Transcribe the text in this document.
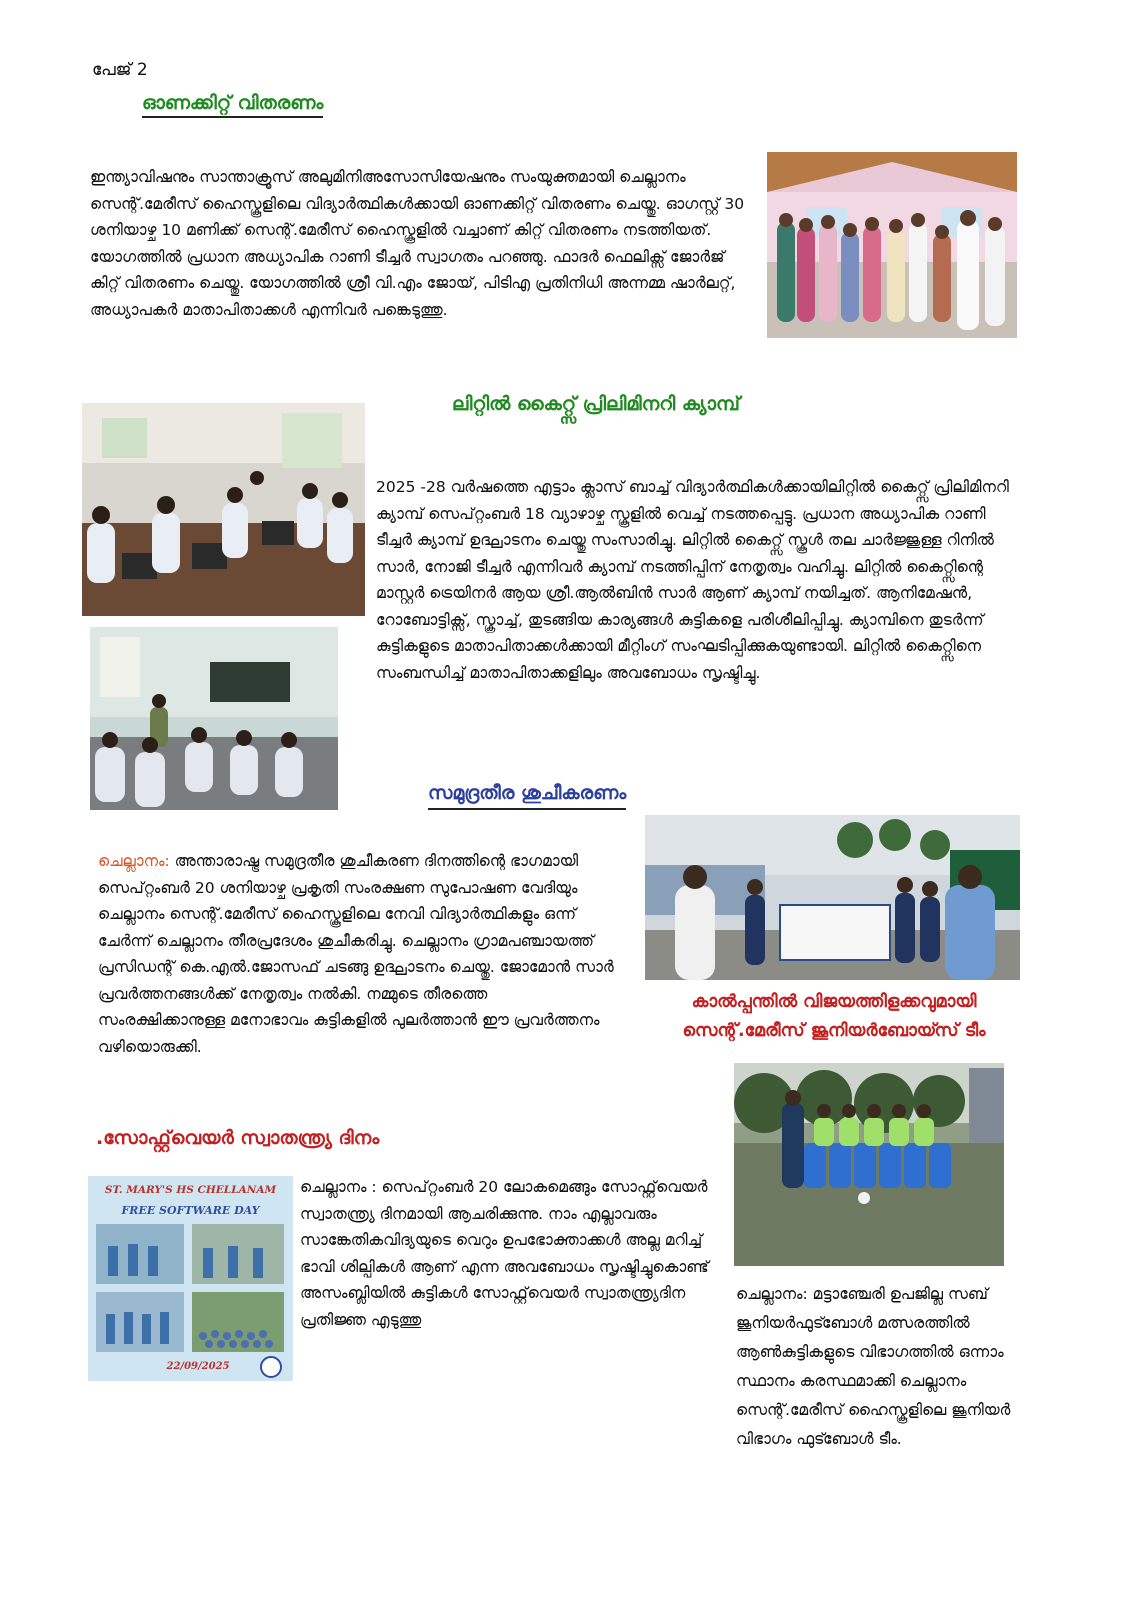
പേജ് 2
ഓണക്കിറ്റ് വിതരണം
ഇന്ത്യാവിഷനും സാന്താക്രൂസ് അലുമിനിഅസോസിയേഷനും സംയുക്തമായി ചെല്ലാനം സെന്റ്.മേരീസ് ഹൈസ്കൂളിലെ വിദ്യാർത്ഥികൾക്കായി ഓണക്കിറ്റ് വിതരണം ചെയ്തു. ഓഗസ്റ്റ് 30 ശനിയാഴ്ച 10 മണിക്ക് സെന്റ്.മേരീസ് ഹൈസ്കൂളിൽ വച്ചാണ് കിറ്റ് വിതരണം നടത്തിയത്. യോഗത്തിൽ പ്രധാന അധ്യാപിക റാണി ടീച്ചർ സ്വാഗതം പറഞ്ഞു. ഫാദർ ഫെലിക്സ് ജോർജ് കിറ്റ് വിതരണം ചെയ്തു. യോഗത്തിൽ ശ്രീ വി.എം ജോയ്, പിടിഎ പ്രതിനിധി അന്നമ്മ ഷാർലറ്റ്, അധ്യാപകർ മാതാപിതാക്കൾ എന്നിവർ പങ്കെടുത്തു.
ലിറ്റിൽ കൈറ്റ്സ് പ്രിലിമിനറി ക്യാമ്പ്
2025 -28 വർഷത്തെ എട്ടാം ക്ലാസ് ബാച്ച് വിദ്യാർത്ഥികൾക്കായിലിറ്റിൽ കൈറ്റ്സ് പ്രിലിമിനറി ക്യാമ്പ് സെപ്റ്റംബർ 18 വ്യാഴാഴ്ച സ്കൂളിൽ വെച്ച് നടത്തപ്പെട്ടു. പ്രധാന അധ്യാപിക റാണി ടീച്ചർ ക്യാമ്പ് ഉദ്ഘാടനം ചെയ്തു സംസാരിച്ചു. ലിറ്റിൽ കൈറ്റ്സ് സ്കൂൾ തല ചാർജ്ജുള്ള റിനിൽ സാർ, നോജി ടീച്ചർ എന്നിവർ ക്യാമ്പ് നടത്തിപ്പിന് നേതൃത്വം വഹിച്ചു. ലിറ്റിൽ കൈറ്റ്സിന്റെ മാസ്റ്റർ ട്രെയിനർ ആയ ശ്രീ.ആൽബിൻ സാർ ആണ് ക്യാമ്പ് നയിച്ചത്. ആനിമേഷൻ, റോബോട്ടിക്സ്, സ്ക്രാച്ച്, തുടങ്ങിയ കാര്യങ്ങൾ കുട്ടികളെ പരിശീലിപ്പിച്ചു. ക്യാമ്പിനെ തുടർന്ന് കുട്ടികളുടെ മാതാപിതാക്കൾക്കായി മീറ്റിംഗ് സംഘടിപ്പിക്കുകയുണ്ടായി. ലിറ്റിൽ കൈറ്റ്സിനെ സംബന്ധിച്ച് മാതാപിതാക്കളിലും അവബോധം സൃഷ്ടിച്ചു.
സമുദ്രതീര ശുചീകരണം
ചെല്ലാനം: അന്താരാഷ്ട്ര സമുദ്രതീര ശുചീകരണ ദിനത്തിന്റെ ഭാഗമായി സെപ്റ്റംബർ 20 ശനിയാഴ്ച പ്രകൃതി സംരക്ഷണ സുപോഷണ വേദിയും ചെല്ലാനം സെന്റ്.മേരീസ് ഹൈസ്കൂളിലെ നേവി വിദ്യാർത്ഥികളും ഒന്ന് ചേർന്ന് ചെല്ലാനം തീരപ്രദേശം ശുചീകരിച്ചു. ചെല്ലാനം ഗ്രാമപഞ്ചായത്ത് പ്രസിഡന്റ് കെ.എൽ.ജോസഫ് ചടങ്ങു ഉദ്ഘാടനം ചെയ്തു. ജോമോൻ സാർ പ്രവർത്തനങ്ങൾക്ക് നേതൃത്വം നൽകി. നമ്മുടെ തീരത്തെ സംരക്ഷിക്കാനുള്ള മനോഭാവം കുട്ടികളിൽ പുലർത്താൻ ഈ പ്രവർത്തനം വഴിയൊരുക്കി.
കാൽപ്പന്തിൽ വിജയത്തിളക്കവുമായി
സെന്റ്.മേരീസ് ജൂനിയർബോയ്സ് ടീം
ചെല്ലാനം: മട്ടാഞ്ചേരി ഉപജില്ല സബ് ജൂനിയർഫുട്ബോൾ മത്സരത്തിൽ ആൺകുട്ടികളുടെ വിഭാഗത്തിൽ ഒന്നാം സ്ഥാനം കരസ്ഥമാക്കി ചെല്ലാനം സെന്റ്.മേരീസ് ഹൈസ്കൂളിലെ ജൂനിയർ വിഭാഗം ഫുട്ബോൾ ടീം.
.സോഫ്റ്റ്‌വെയർ സ്വാതന്ത്ര്യ ദിനം
ST. MARY'S HS CHELLANAM
FREE SOFTWARE DAY
22/09/2025
ചെല്ലാനം : സെപ്റ്റംബർ 20 ലോകമെങ്ങും സോഫ്റ്റ്‌വെയർ സ്വാതന്ത്ര്യ ദിനമായി ആചരിക്കുന്നു. നാം എല്ലാവരും സാങ്കേതികവിദ്യയുടെ വെറും ഉപഭോക്താക്കൾ അല്ല മറിച്ച് ഭാവി ശില്പികൾ ആണ് എന്ന അവബോധം സൃഷ്ടിച്ചുകൊണ്ട് അസംബ്ലിയിൽ കുട്ടികൾ സോഫ്റ്റ്‌വെയർ സ്വാതന്ത്ര്യദിന പ്രതിജ്ഞ എടുത്തു
